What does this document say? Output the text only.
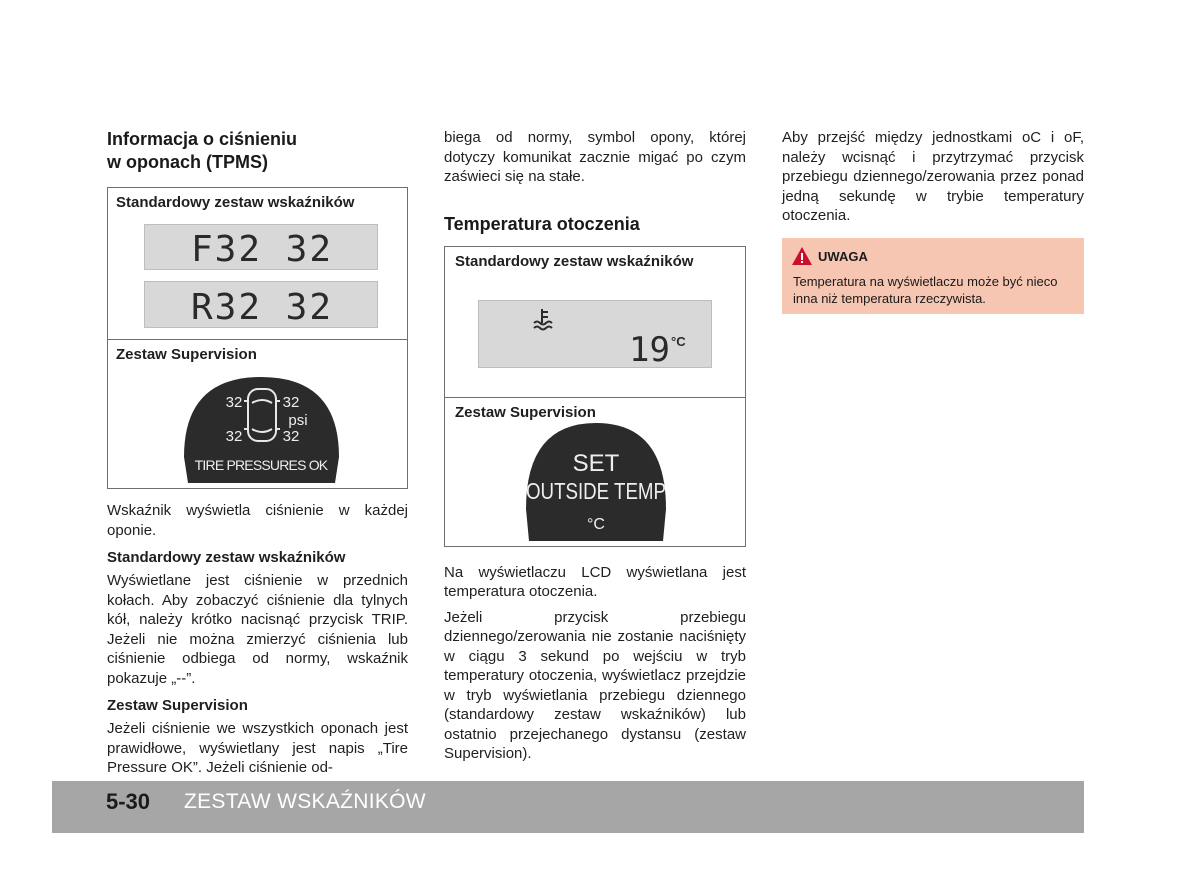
Informacja o ciśnieniu
w oponach (TPMS)
Standardowy zestaw wskaźników
F32 32
R32 32
Zestaw Supervision
32	32
psi
32	32
TIRE PRESSURES OK
Wskaźnik wyświetla ciśnienie w każdej oponie.
Standardowy zestaw wskaźników
Wyświetlane jest ciśnienie w przednich kołach. Aby zobaczyć ciśnienie dla tylnych kół, należy krótko nacisnąć przycisk TRIP. Jeżeli nie można zmierzyć ciśnienia lub ciśnienie odbiega od normy, wskaźnik pokazuje „--”.
Zestaw Supervision
Jeżeli ciśnienie we wszystkich oponach jest prawidłowe, wyświetlany jest napis „Tire Pressure OK”. Jeżeli ciśnienie od-
biega od normy, symbol opony, której dotyczy komunikat zacznie migać po czym zaświeci się na stałe.
Temperatura otoczenia
Standardowy zestaw wskaźników
19 °C
Zestaw Supervision
SET
OUTSIDE TEMP
°C
Na wyświetlaczu LCD wyświetlana jest temperatura otoczenia.
Jeżeli przycisk przebiegu dziennego/zerowania nie zostanie naciśnięty w ciągu 3 sekund po wejściu w tryb temperatury otoczenia, wyświetlacz przejdzie w tryb wyświetlania przebiegu dziennego (standardowy zestaw wskaźników) lub ostatnio przejechanego dystansu (zestaw Supervision).
Aby przejść między jednostkami oC i oF, należy wcisnąć i przytrzymać przycisk przebiegu dziennego/zerowania przez ponad jedną sekundę w trybie temperatury otoczenia.
UWAGA
Temperatura na wyświetlaczu może być nieco inna niż temperatura rzeczywista.
5-30 ZESTAW WSKAŹNIKÓW
